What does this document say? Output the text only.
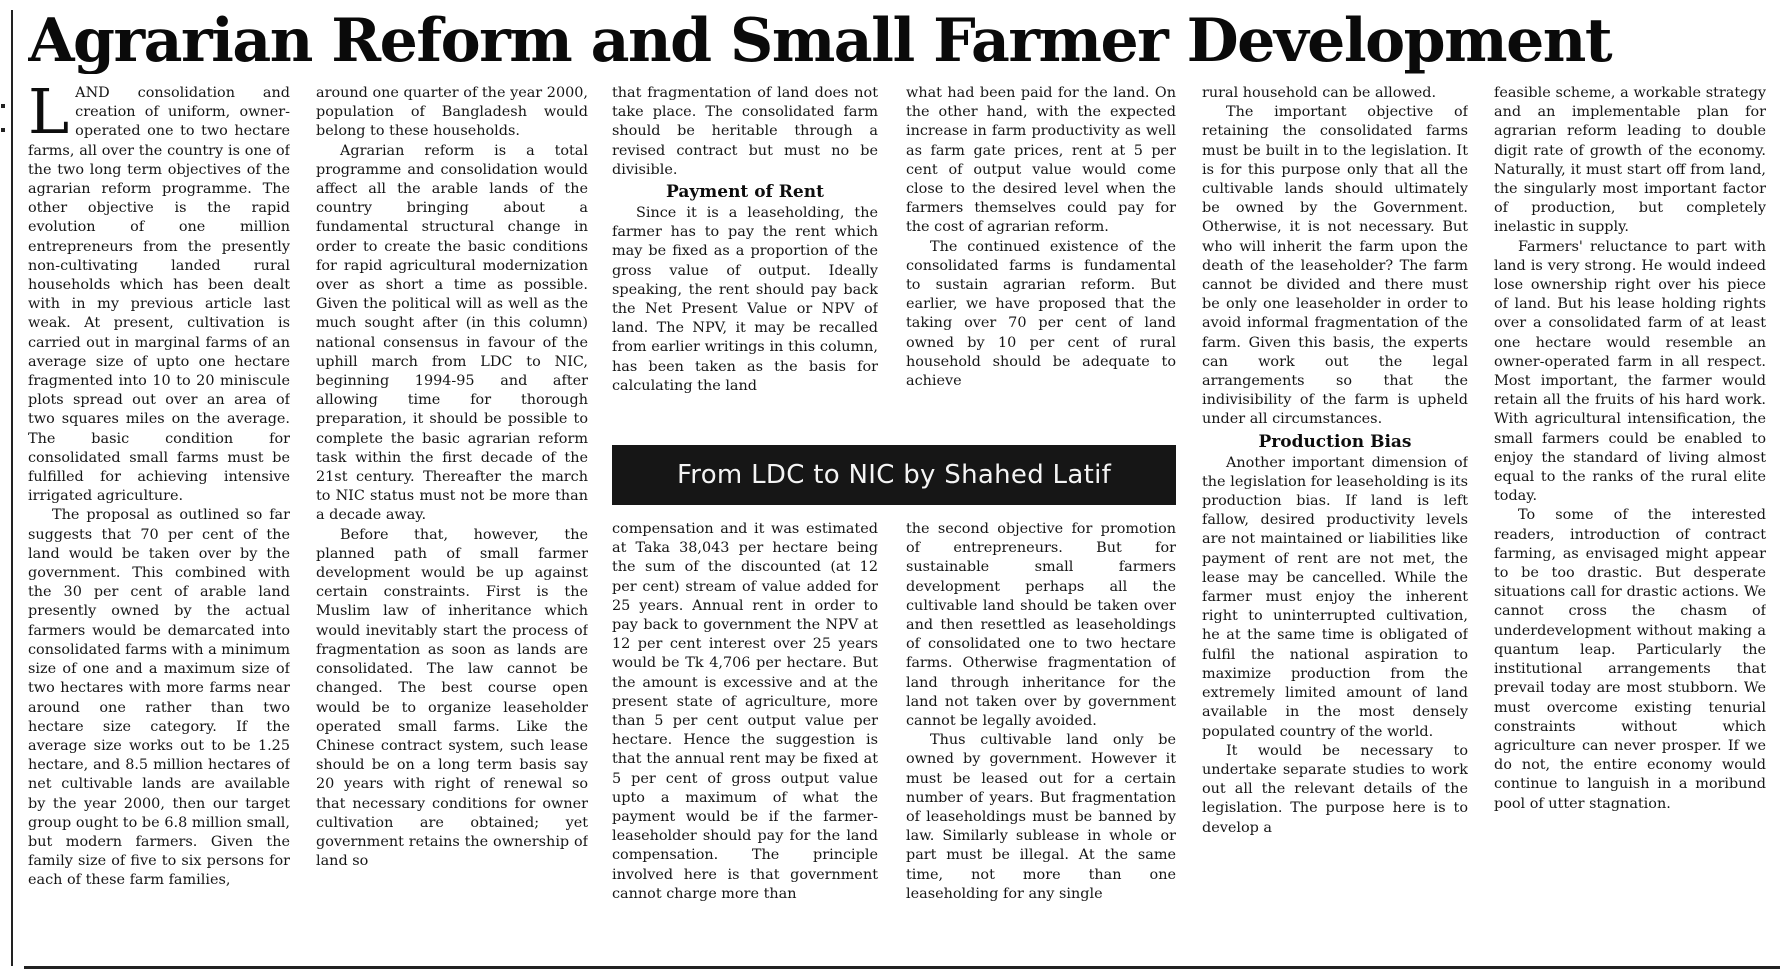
Agrarian Reform and Small Farmer Development

LAND consolidation and creation of uniform, owner-operated one to two hectare farms, all over the country is one of the two long term objectives of the agrarian reform programme. The other objective is the rapid evolution of one million entrepreneurs from the presently non-cultivating landed rural households which has been dealt with in my previous article last weak. At present, cultivation is carried out in marginal farms of an average size of upto one hectare fragmented into 10 to 20 miniscule plots spread out over an area of two squares miles on the average. The basic condition for consolidated small farms must be fulfilled for achieving intensive irrigated agriculture.

The proposal as outlined so far suggests that 70 per cent of the land would be taken over by the government. This combined with the 30 per cent of arable land presently owned by the actual farmers would be demarcated into consolidated farms with a minimum size of one and a maximum size of two hectares with more farms near around one rather than two hectare size category. If the average size works out to be 1.25 hectare, and 8.5 million hectares of net cultivable lands are available by the year 2000, then our target group ought to be 6.8 million small, but modern farmers. Given the family size of five to six persons for each of these farm families,

around one quarter of the year 2000, population of Bangladesh would belong to these households.

Agrarian reform is a total programme and consolidation would affect all the arable lands of the country bringing about a fundamental structural change in order to create the basic conditions for rapid agricultural modernization over as short a time as possible. Given the political will as well as the much sought after (in this column) national consensus in favour of the uphill march from LDC to NIC, beginning 1994-95 and after allowing time for thorough preparation, it should be possible to complete the basic agrarian reform task within the first decade of the 21st century. Thereafter the march to NIC status must not be more than a decade away.

Before that, however, the planned path of small farmer development would be up against certain constraints. First is the Muslim law of inheritance which would inevitably start the process of fragmentation as soon as lands are consolidated. The law cannot be changed. The best course open would be to organize leaseholder operated small farms. Like the Chinese contract system, such lease should be on a long term basis say 20 years with right of renewal so that necessary conditions for owner cultivation are obtained; yet government retains the ownership of land so

that fragmentation of land does not take place. The consolidated farm should be heritable through a revised contract but must no be divisible.

Payment of Rent

Since it is a leaseholding, the farmer has to pay the rent which may be fixed as a proportion of the gross value of output. Ideally speaking, the rent should pay back the Net Present Value or NPV of land. The NPV, it may be recalled from earlier writings in this column, has been taken as the basis for calculating the land

what had been paid for the land. On the other hand, with the expected increase in farm productivity as well as farm gate prices, rent at 5 per cent of output value would come close to the desired level when the farmers themselves could pay for the cost of agrarian reform.

The continued existence of the consolidated farms is fundamental to sustain agrarian reform. But earlier, we have proposed that the taking over 70 per cent of land owned by 10 per cent of rural household should be adequate to achieve

From LDC to NIC by Shahed Latif

compensation and it was estimated at Taka 38,043 per hectare being the sum of the discounted (at 12 per cent) stream of value added for 25 years. Annual rent in order to pay back to government the NPV at 12 per cent interest over 25 years would be Tk 4,706 per hectare. But the amount is excessive and at the present state of agriculture, more than 5 per cent output value per hectare. Hence the suggestion is that the annual rent may be fixed at 5 per cent of gross output value upto a maximum of what the payment would be if the farmer-leaseholder should pay for the land compensation. The principle involved here is that government cannot charge more than

the second objective for promotion of entrepreneurs. But for sustainable small farmers development perhaps all the cultivable land should be taken over and then resettled as leaseholdings of consolidated one to two hectare farms. Otherwise fragmentation of land through inheritance for the land not taken over by government cannot be legally avoided.

Thus cultivable land only be owned by government. However it must be leased out for a certain number of years. But fragmentation of leaseholdings must be banned by law. Similarly sublease in whole or part must be illegal. At the same time, not more than one leaseholding for any single

rural household can be allowed.

The important objective of retaining the consolidated farms must be built in to the legislation. It is for this purpose only that all the cultivable lands should ultimately be owned by the Government. Otherwise, it is not necessary. But who will inherit the farm upon the death of the leaseholder? The farm cannot be divided and there must be only one leaseholder in order to avoid informal fragmentation of the farm. Given this basis, the experts can work out the legal arrangements so that the indivisibility of the farm is upheld under all circumstances.

Production Bias

Another important dimension of the legislation for leaseholding is its production bias. If land is left fallow, desired productivity levels are not maintained or liabilities like payment of rent are not met, the lease may be cancelled. While the farmer must enjoy the inherent right to uninterrupted cultivation, he at the same time is obligated of fulfil the national aspiration to maximize production from the extremely limited amount of land available in the most densely populated country of the world.

It would be necessary to undertake separate studies to work out all the relevant details of the legislation. The purpose here is to develop a

feasible scheme, a workable strategy and an implementable plan for agrarian reform leading to double digit rate of growth of the economy. Naturally, it must start off from land, the singularly most important factor of production, but completely inelastic in supply.

Farmers' reluctance to part with land is very strong. He would indeed lose ownership right over his piece of land. But his lease holding rights over a consolidated farm of at least one hectare would resemble an owner-operated farm in all respect. Most important, the farmer would retain all the fruits of his hard work. With agricultural intensification, the small farmers could be enabled to enjoy the standard of living almost equal to the ranks of the rural elite today.

To some of the interested readers, introduction of contract farming, as envisaged might appear to be too drastic. But desperate situations call for drastic actions. We cannot cross the chasm of underdevelopment without making a quantum leap. Particularly the institutional arrangements that prevail today are most stubborn. We must overcome existing tenurial constraints without which agriculture can never prosper. If we do not, the entire economy would continue to languish in a moribund pool of utter stagnation.
